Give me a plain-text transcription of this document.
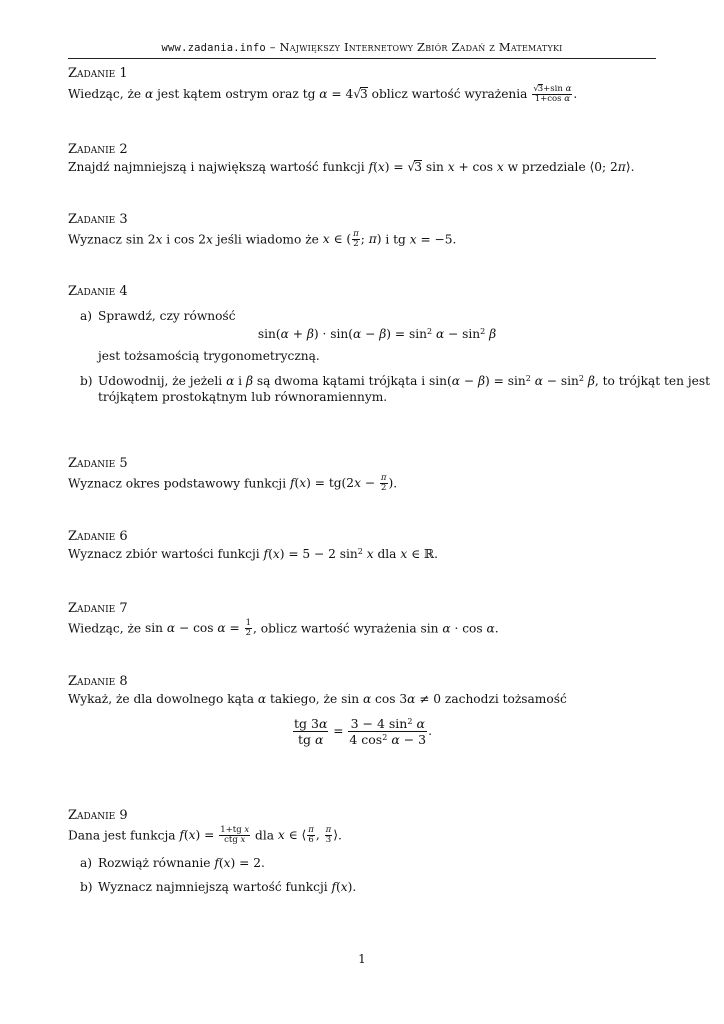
www.zadania.info – Największy Internetowy Zbiór Zadań z Matematyki
Zadanie 1
Wiedząc, że α jest kątem ostrym oraz tg α = 4√3 oblicz wartość wyrażenia $\frac{\text{√3+sin α}}{\text{1+cos α}}$ .
Zadanie 2
Znajdź najmniejszą i największą wartość funkcji f(x) = √3 sin x + cos x w przedziale ⟨0; 2π⟩.
Zadanie 3
Wyznacz sin 2x i cos 2x jeśli wiadomo że x ∈ ( $\frac{\pi}{2}$ ; π) i tg x = −5.
Zadanie 4
a) Sprawdź, czy równość
$\sin(\alpha + \beta) \cdot \sin(\alpha - \beta) = \sin^2 \alpha - \sin^2 \beta$
jest tożsamością trygonometryczną.
b) Udowodnij, że jeżeli α i β są dwoma kątami trójkąta i $\sin(\alpha - \beta) = \sin^2 \alpha - \sin^2 \beta$, to trójkąt ten jest
trójkątem prostokątnym lub równoramiennym.
Zadanie 5
Wyznacz okres podstawowy funkcji $f(x) = tg(2x - \frac{\pi}{2}$ ).
Zadanie 6
Wyznacz zbiór wartości funkcji f(x) = 5 − 2 $\sin^2 x$ dla x ∈ ℝ.
Zadanie 7
Wiedząc, że $\sin \alpha - \cos \alpha = \frac{1}{2}$ , oblicz wartość wyrażenia sin α · cos α.
Zadanie 8
Wykaż, że dla dowolnego kąta α takiego, że sin α cos 3α ≠ 0 zachodzi tożsamość
$\frac{tg 3\alpha}{\text{tg α}} = \frac{3 - 4 \sin^2 \alpha}{4 \cos^2 \alpha - 3}$ .
Zadanie 9
Dana jest funkcja $f(x) = \frac{\text{1+tg x}}{\text{ctg x}}$ dla x ∈ ⟨ $\frac{\pi}{6}$ , $\frac{\pi}{3}$ ⟩.
a) Rozwiąż równanie f(x) = 2.
b) Wyznacz najmniejszą wartość funkcji f(x).
1
